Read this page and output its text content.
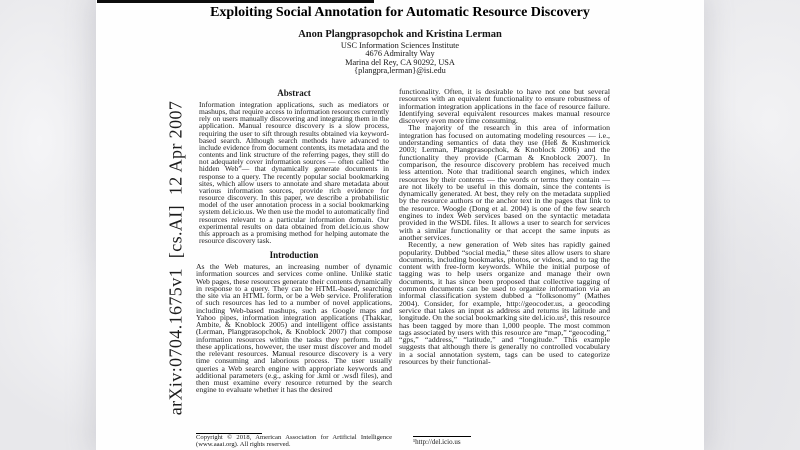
arXiv:0704.1675v1  [cs.AI]  12 Apr 2007
Exploiting Social Annotation for Automatic Resource Discovery
Anon Plangprasopchok and Kristina Lerman
USC Information Sciences Institute
4676 Admiralty Way
Marina del Rey, CA 90292, USA
{plangpra,lerman}@isi.edu
Abstract

Information integration applications, such as mediators or mashups, that require access to information resources currently rely on users manually discovering and integrating them in the application. Manual resource discovery is a slow process, requiring the user to sift through results obtained via keyword-based search. Although search methods have advanced to include evidence from document contents, its metadata and the contents and link structure of the referring pages, they still do not adequately cover information sources — often called “the hidden Web”— that dynamically generate documents in response to a query. The recently popular social bookmarking sites, which allow users to annotate and share metadata about various information sources, provide rich evidence for resource discovery. In this paper, we describe a probabilistic model of the user annotation process in a social bookmarking system del.icio.us. We then use the model to automatically find resources relevant to a particular information domain. Our experimental results on data obtained from del.icio.us show this approach as a promising method for helping automate the resource discovery task.

Introduction

As the Web matures, an increasing number of dynamic information sources and services come online. Unlike static Web pages, these resources generate their contents dynamically in response to a query. They can be HTML-based, searching the site via an HTML form, or be a Web service. Proliferation of such resources has led to a number of novel applications, including Web-based mashups, such as Google maps and Yahoo pipes, information integration applications (Thakkar, Ambite, & Knoblock 2005) and intelligent office assistants (Lerman, Plangprasopchok, & Knoblock 2007) that compose information resources within the tasks they perform. In all these applications, however, the user must discover and model the relevant resources. Manual resource discovery is a very time consuming and laborious process. The user usually queries a Web search engine with appropriate keywords and additional parameters (e.g., asking for .kml or .wsdl files), and then must examine every resource returned by the search engine to evaluate whether it has the desired

Copyright © 2018, American Association for Artificial Intelligence (www.aaai.org). All rights reserved.

functionality. Often, it is desirable to have not one but several resources with an equivalent functionality to ensure robustness of information integration applications in the face of resource failure. Identifying several equivalent resources makes manual resource discovery even more time consuming.

The majority of the research in this area of information integration has focused on automating modeling resources — i.e., understanding semantics of data they use (Heß & Kushmerick 2003; Lerman, Plangprasopchok, & Knoblock 2006) and the functionality they provide (Carman & Knoblock 2007). In comparison, the resource discovery problem has received much less attention. Note that traditional search engines, which index resources by their contents — the words or terms they contain — are not likely to be useful in this domain, since the contents is dynamically generated. At best, they rely on the metadata supplied by the resource authors or the anchor text in the pages that link to the resource. Woogle (Dong et al. 2004) is one of the few search engines to index Web services based on the syntactic metadata provided in the WSDL files. It allows a user to search for services with a similar functionality or that accept the same inputs as another services.

Recently, a new generation of Web sites has rapidly gained popularity. Dubbed “social media,” these sites allow users to share documents, including bookmarks, photos, or videos, and to tag the content with free-form keywords. While the initial purpose of tagging was to help users organize and manage their own documents, it has since been proposed that collective tagging of common documents can be used to organize information via an informal classification system dubbed a “folksonomy” (Mathes 2004). Consider, for example, http://geocoder.us, a geocoding service that takes an input as address and returns its latitude and longitude. On the social bookmarking site del.icio.us¹, this resource has been tagged by more than 1,000 people. The most common tags associated by users with this resource are “map,” “geocoding,” “gps,” “address,” “latitude,” and “longitude.” This example suggests that although there is generally no controlled vocabulary in a social annotation system, tags can be used to categorize resources by their functional-

¹http://del.icio.us
